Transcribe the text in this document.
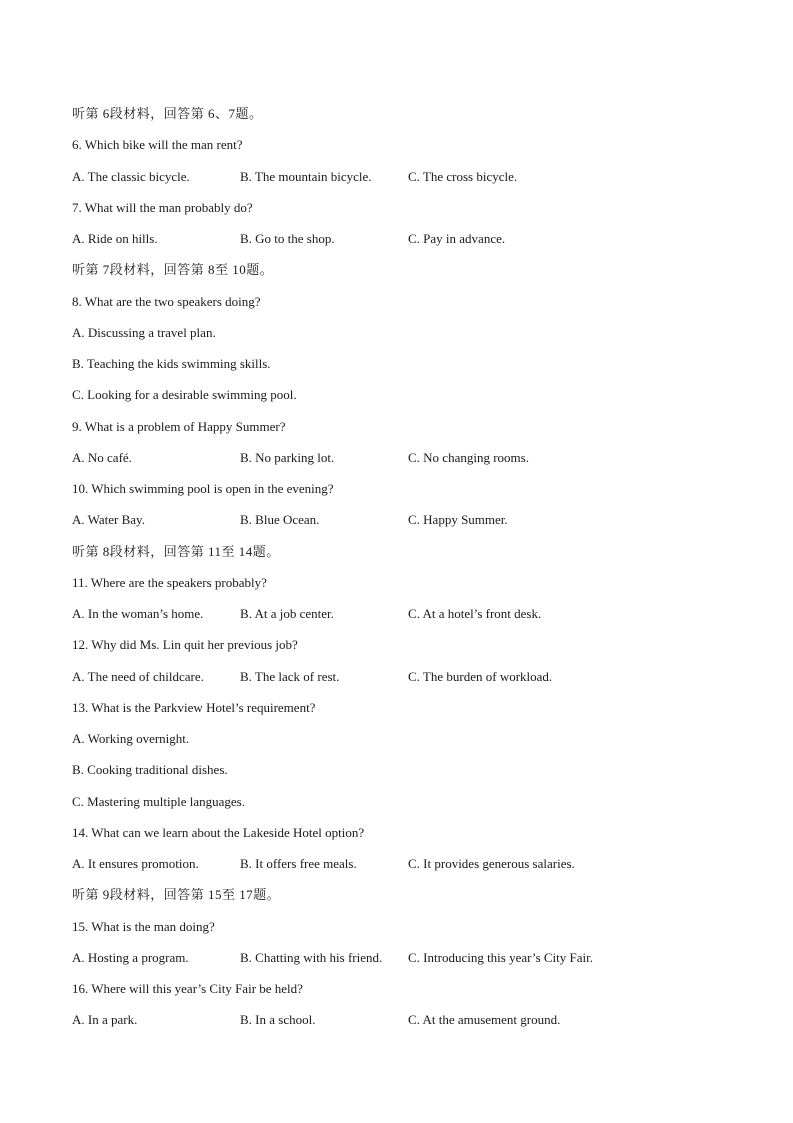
听第 6段材料，回答第 6、7题。
6. Which bike will the man rent?
A. The classic bicycle.	B. The mountain bicycle.	C. The cross bicycle.
7. What will the man probably do?
A. Ride on hills.	B. Go to the shop.	C. Pay in advance.
听第 7段材料，回答第 8至 10题。
8. What are the two speakers doing?
A. Discussing a travel plan.
B. Teaching the kids swimming skills.
C. Looking for a desirable swimming pool.
9. What is a problem of Happy Summer?
A. No café.	B. No parking lot.	C. No changing rooms.
10. Which swimming pool is open in the evening?
A. Water Bay.	B. Blue Ocean.	C. Happy Summer.
听第 8段材料，回答第 11至 14题。
11. Where are the speakers probably?
A. In the woman’s home.	B. At a job center.	C. At a hotel’s front desk.
12. Why did Ms. Lin quit her previous job?
A. The need of childcare.	B. The lack of rest.	C. The burden of workload.
13. What is the Parkview Hotel’s requirement?
A. Working overnight.
B. Cooking traditional dishes.
C. Mastering multiple languages.
14. What can we learn about the Lakeside Hotel option?
A. It ensures promotion.	B. It offers free meals.	C. It provides generous salaries.
听第 9段材料，回答第 15至 17题。
15. What is the man doing?
A. Hosting a program.	B. Chatting with his friend.	C. Introducing this year’s City Fair.
16. Where will this year’s City Fair be held?
A. In a park.	B. In a school.	C. At the amusement ground.
